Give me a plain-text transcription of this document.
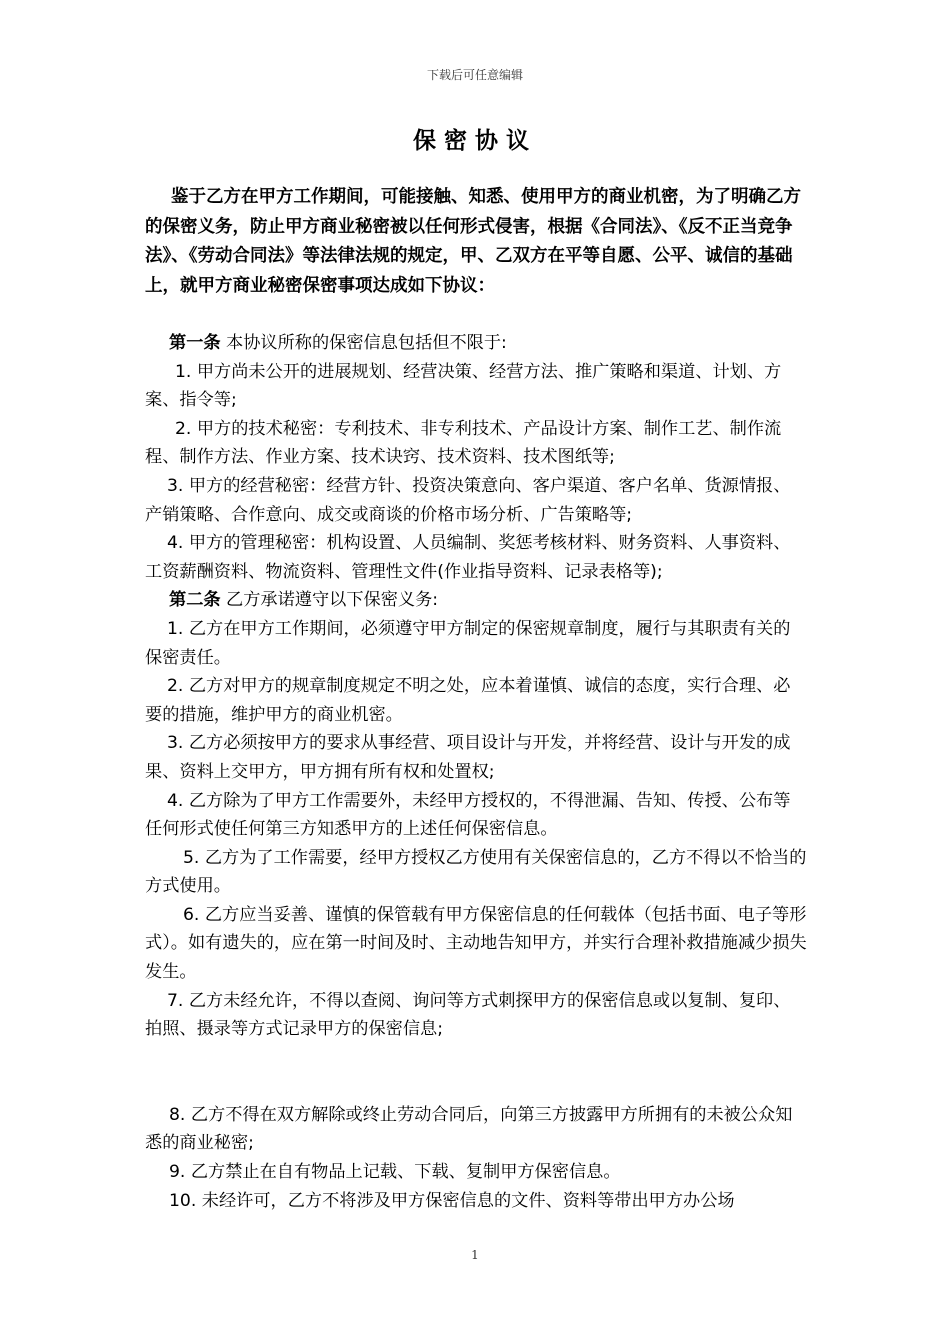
下载后可任意编辑
保密协议

鉴于乙方在甲方工作期间，可能接触、知悉、使用甲方的商业机密，为了明确乙方的保密义务，防止甲方商业秘密被以任何形式侵害，根据《合同法》、《反不正当竞争法》、《劳动合同法》等法律法规的规定，甲、乙双方在平等自愿、公平、诚信的基础上，就甲方商业秘密保密事项达成如下协议：

第一条 本协议所称的保密信息包括但不限于:

1. 甲方尚未公开的进展规划、经营决策、经营方法、推广策略和渠道、计划、方案、指令等;

2. 甲方的技术秘密：专利技术、非专利技术、产品设计方案、制作工艺、制作流程、制作方法、作业方案、技术诀窍、技术资料、技术图纸等;

3. 甲方的经营秘密：经营方针、投资决策意向、客户渠道、客户名单、货源情报、产销策略、合作意向、成交或商谈的价格市场分析、广告策略等;

4. 甲方的管理秘密：机构设置、人员编制、奖惩考核材料、财务资料、人事资料、工资薪酬资料、物流资料、管理性文件(作业指导资料、记录表格等);

第二条 乙方承诺遵守以下保密义务:

1. 乙方在甲方工作期间，必须遵守甲方制定的保密规章制度，履行与其职责有关的保密责任。

2. 乙方对甲方的规章制度规定不明之处，应本着谨慎、诚信的态度，实行合理、必要的措施，维护甲方的商业机密。

3. 乙方必须按甲方的要求从事经营、项目设计与开发，并将经营、设计与开发的成果、资料上交甲方，甲方拥有所有权和处置权;

4. 乙方除为了甲方工作需要外，未经甲方授权的，不得泄漏、告知、传授、公布等任何形式使任何第三方知悉甲方的上述任何保密信息。

5. 乙方为了工作需要，经甲方授权乙方使用有关保密信息的，乙方不得以不恰当的方式使用。

6. 乙方应当妥善、谨慎的保管载有甲方保密信息的任何载体（包括书面、电子等形式）。如有遗失的，应在第一时间及时、主动地告知甲方，并实行合理补救措施减少损失发生。

7. 乙方未经允许，不得以查阅、询问等方式刺探甲方的保密信息或以复制、复印、拍照、摄录等方式记录甲方的保密信息;

8. 乙方不得在双方解除或终止劳动合同后，向第三方披露甲方所拥有的未被公众知悉的商业秘密;

9. 乙方禁止在自有物品上记载、下载、复制甲方保密信息。

10. 未经许可，乙方不将涉及甲方保密信息的文件、资料等带出甲方办公场

1
